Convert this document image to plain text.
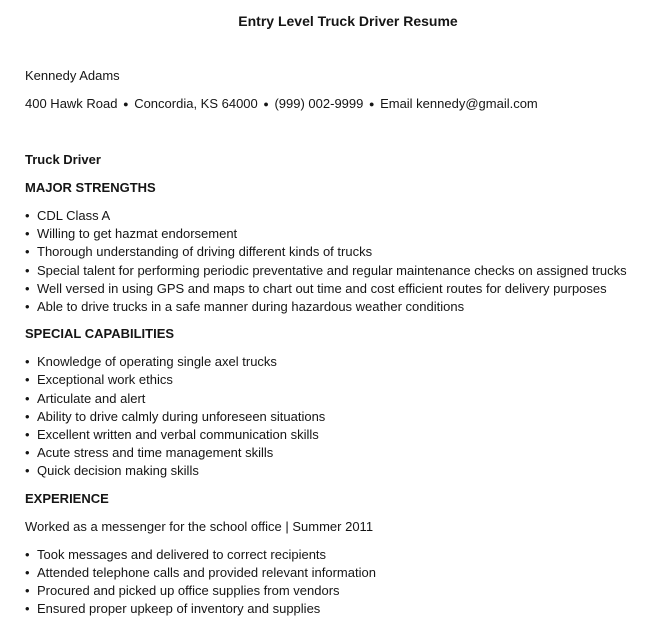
Entry Level Truck Driver Resume

Kennedy Adams

400 Hawk Road ● Concordia, KS 64000 ● (999) 002-9999 ● Email kennedy@gmail.com

Truck Driver
MAJOR STRENGTHS
• CDL Class A
• Willing to get hazmat endorsement
• Thorough understanding of driving different kinds of trucks
• Special talent for performing periodic preventative and regular maintenance checks on assigned trucks
• Well versed in using GPS and maps to chart out time and cost efficient routes for delivery purposes
• Able to drive trucks in a safe manner during hazardous weather conditions
SPECIAL CAPABILITIES
• Knowledge of operating single axel trucks
• Exceptional work ethics
• Articulate and alert
• Ability to drive calmly during unforeseen situations
• Excellent written and verbal communication skills
• Acute stress and time management skills
• Quick decision making skills
EXPERIENCE

Worked as a messenger for the school office | Summer 2011

• Took messages and delivered to correct recipients
• Attended telephone calls and provided relevant information
• Procured and picked up office supplies from vendors
• Ensured proper upkeep of inventory and supplies
